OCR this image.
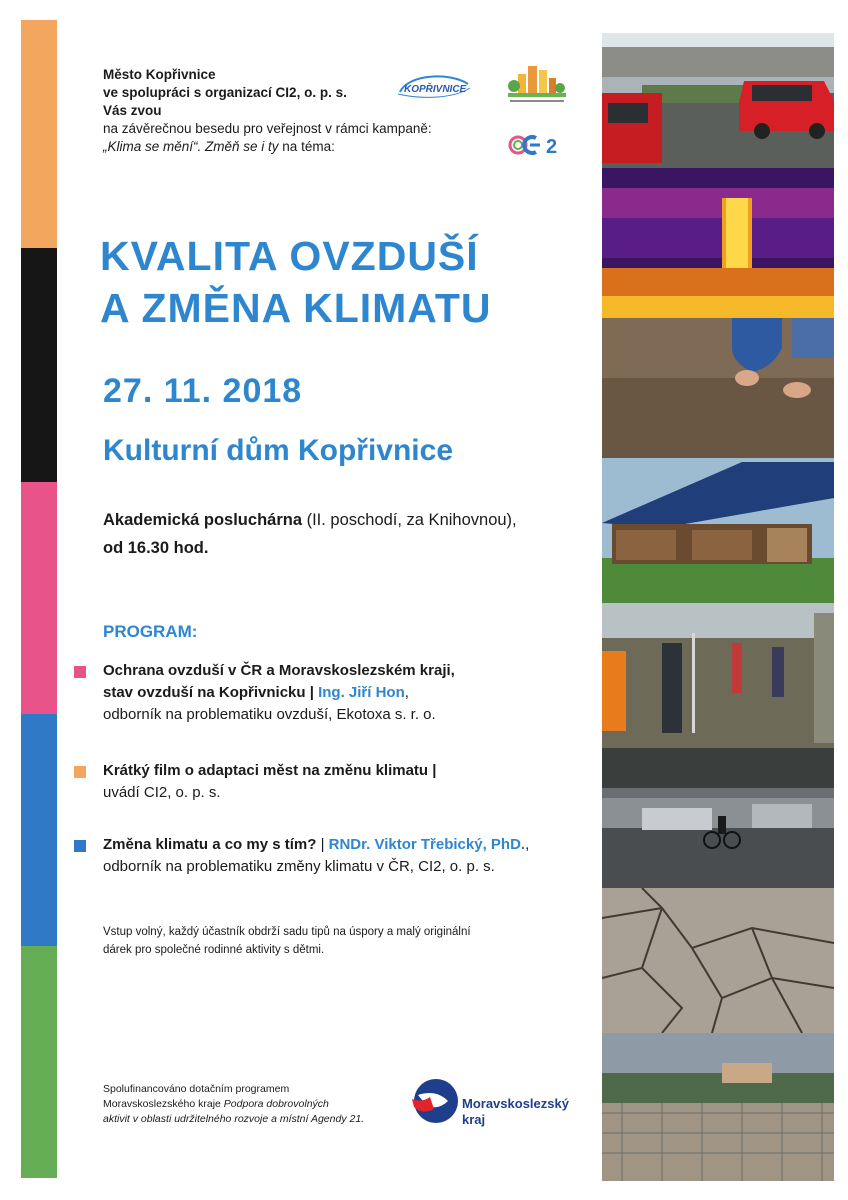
Město Kopřivnice
ve spolupráci s organizací CI2, o. p. s.
Vás zvou
na závěrečnou besedu pro veřejnost v rámci kampaně:
„Klima se mění“. Změň se i ty na téma:
KOPŘIVNICE
2
KVALITA OVZDUŠÍ
A ZMĚNA KLIMATU
27. 11. 2018
Kulturní dům Kopřivnice
Akademická posluchárna (II. poschodí, za Knihovnou),
od 16.30 hod.
PROGRAM:
Ochrana ovzduší v ČR a Moravskoslezském kraji,
stav ovzduší na Kopřivnicku | Ing. Jiří Hon,
odborník na problematiku ovzduší, Ekotoxa s. r. o.
Krátký film o adaptaci měst na změnu klimatu |
uvádí CI2, o. p. s.
Změna klimatu a co my s tím? | RNDr. Viktor Třebický, PhD.,
odborník na problematiku změny klimatu v ČR, CI2, o. p. s.
Vstup volný, každý účastník obdrží sadu tipů na úspory a malý originální
dárek pro společné rodinné aktivity s dětmi.
Spolufinancováno dotačním programem
Moravskoslezského kraje Podpora dobrovolných
aktivit v oblasti udržitelného rozvoje a místní Agendy 21.
Moravskoslezský
kraj
